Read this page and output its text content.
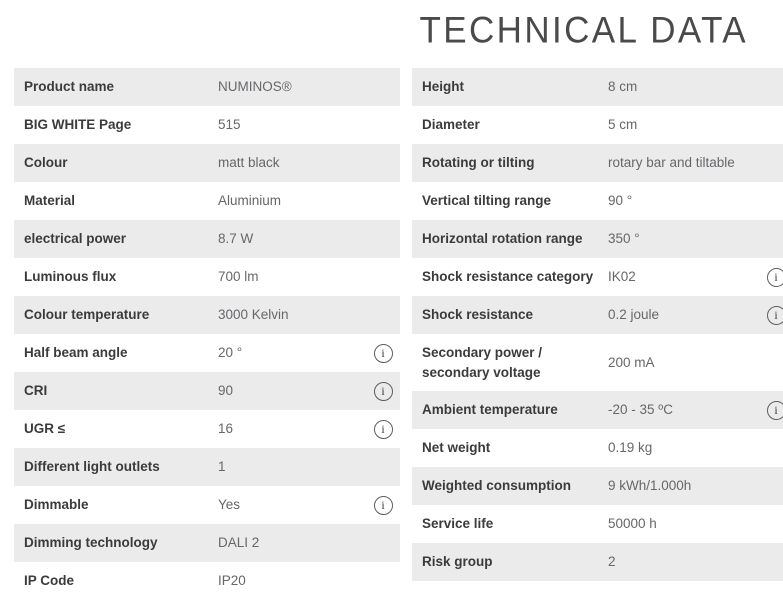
TECHNICAL DATA
Product name	NUMINOS®
BIG WHITE Page	515
Colour	matt black
Material	Aluminium
electrical power	8.7 W
Luminous flux	700 lm
Colour temperature	3000 Kelvin
Half beam angle	20 °	i
CRI	90	i
UGR ≤	16	i
Different light outlets	1
Dimmable	Yes	i
Dimming technology	DALI 2
IP Code	IP20
Height	8 cm
Diameter	5 cm
Rotating or tilting	rotary bar and tiltable
Vertical tilting range	90 °
Horizontal rotation range	350 °
Shock resistance category	IK02	i
Shock resistance	0.2 joule	i
Secondary power / secondary voltage
200 mA
Ambient temperature	-20 - 35 ºC	i
Net weight	0.19 kg
Weighted consumption	9 kWh/1.000h
Service life	50000 h
Risk group	2
